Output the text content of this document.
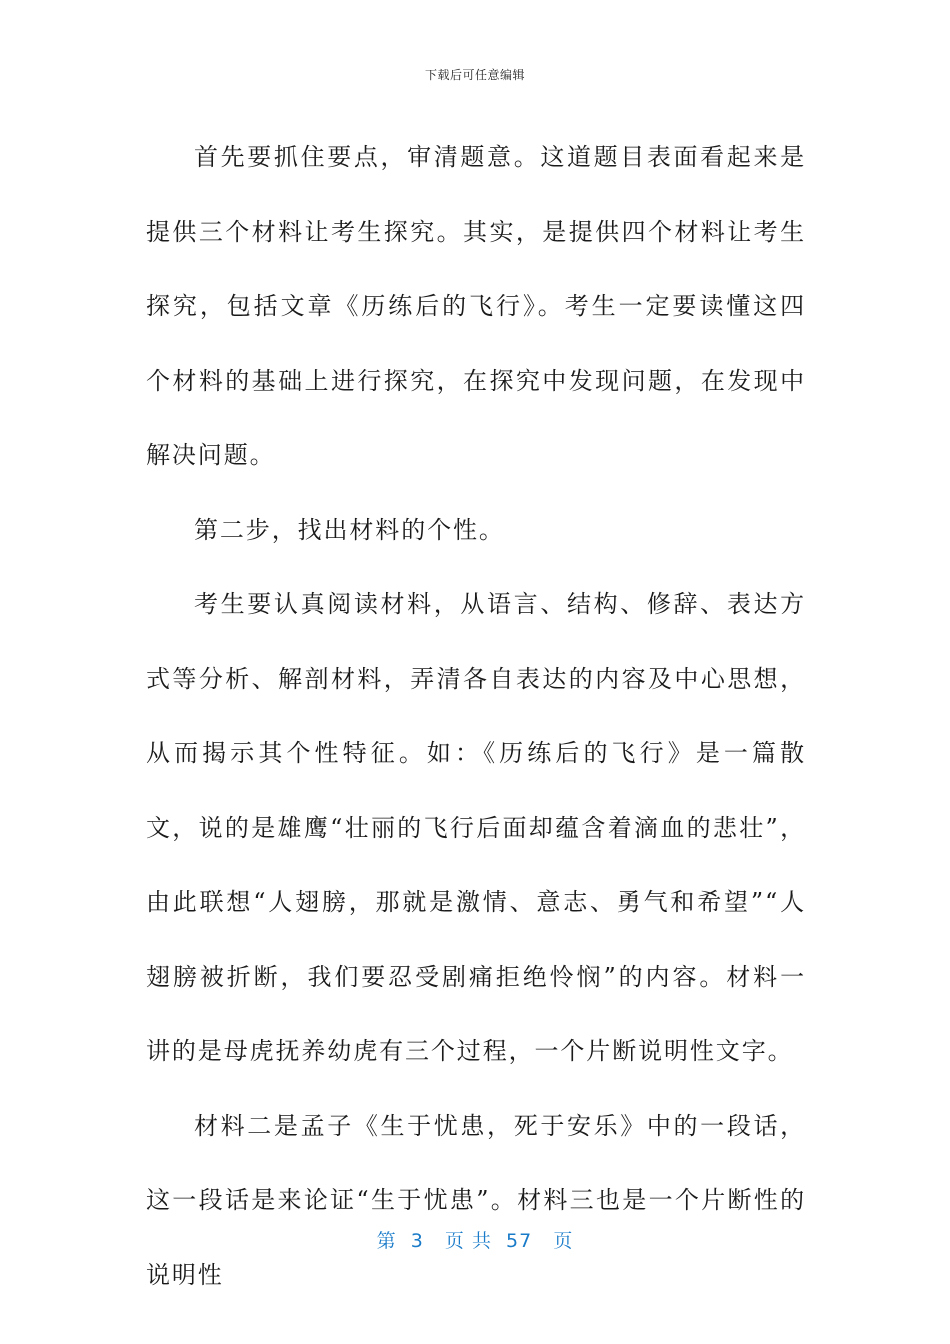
下载后可任意编辑

首先要抓住要点，审清题意。这道题目表面看起来是提供三个材料让考生探究。其实，是提供四个材料让考生探究，包括文章《历练后的飞行》。考生一定要读懂这四个材料的基础上进行探究，在探究中发现问题，在发现中解决问题。

第二步，找出材料的个性。

考生要认真阅读材料，从语言、结构、修辞、表达方式等分析、解剖材料，弄清各自表达的内容及中心思想，从而揭示其个性特征。如：《历练后的飞行》是一篇散文，说的是雄鹰“壮丽的飞行后面却蕴含着滴血的悲壮”，由此联想“人翅膀，那就是激情、意志、勇气和希望”“人翅膀被折断，我们要忍受剧痛拒绝怜悯”的内容。材料一讲的是母虎抚养幼虎有三个过程，一个片断说明性文字。

材料二是孟子《生于忧患，死于安乐》中的一段话，这一段话是来论证“生于忧患”。材料三也是一个片断性的说明性

第  3   页 共  57   页
